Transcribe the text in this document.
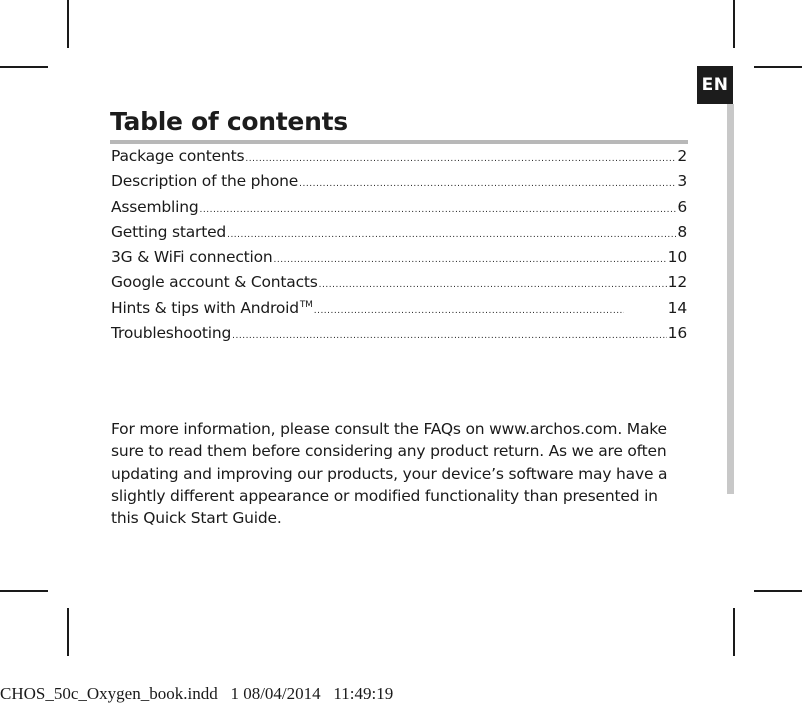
EN
Table of contents
Package contents .....	2
Description of the phone .....	3
Assembling .....	6
Getting started .....	8
3G & WiFi connection .....	10
Google account & Contacts .....	12
Hints & tips with Android™ .....	14
Troubleshooting .....	16

For more information, please consult the FAQs on www.archos.com. Make sure to read them before considering any product return. As we are often updating and improving our products, your device’s software may have a slightly different appearance or modified functionality than presented in this Quick Start Guide.

CHOS_50c_Oxygen_book.indd   1 08/04/2014   11:49:19
